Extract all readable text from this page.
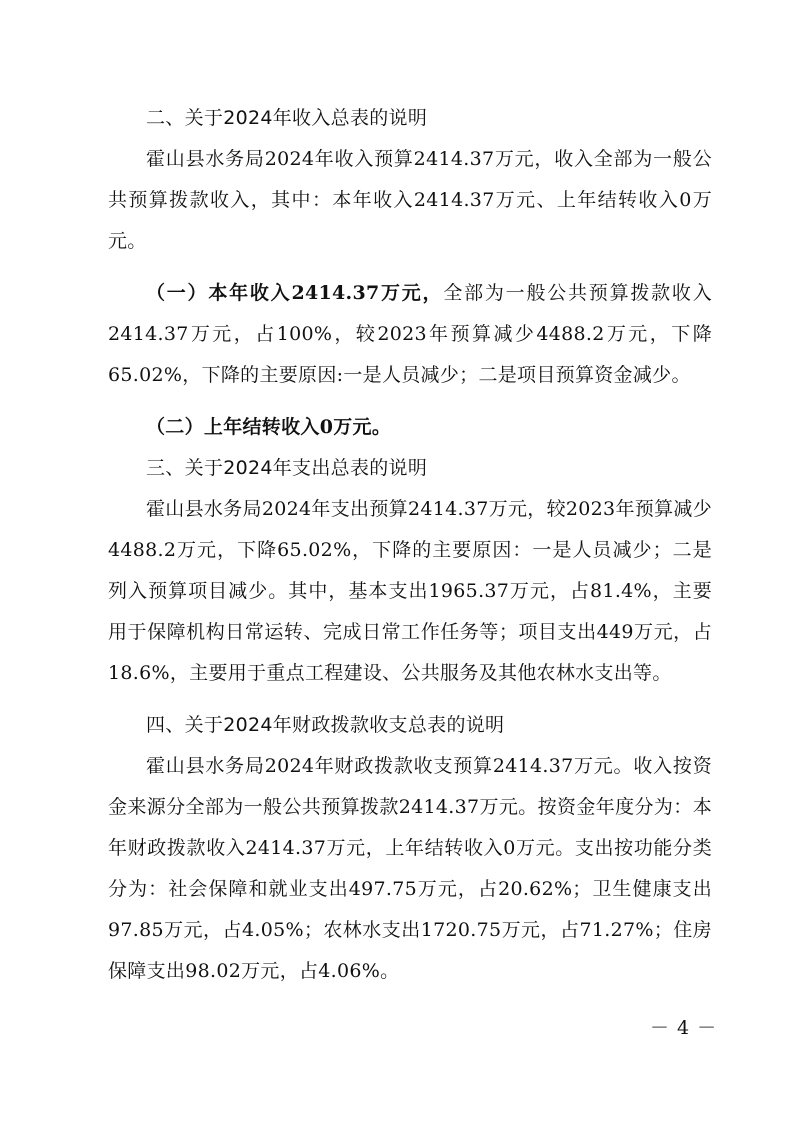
二、关于2024年收入总表的说明

霍山县水务局2024年收入预算2414.37万元，收入全部为一般公共预算拨款收入，其中：本年收入2414.37万元、上年结转收入0万元。

（一）本年收入2414.37万元，全部为一般公共预算拨款收入2414.37万元，占100%，较2023年预算减少4488.2万元，下降65.02%，下降的主要原因:一是人员减少；二是项目预算资金减少。

（二）上年结转收入0万元。

三、关于2024年支出总表的说明

霍山县水务局2024年支出预算2414.37万元，较2023年预算减少4488.2万元，下降65.02%，下降的主要原因：一是人员减少；二是列入预算项目减少。其中，基本支出1965.37万元，占81.4%，主要用于保障机构日常运转、完成日常工作任务等；项目支出449万元，占18.6%，主要用于重点工程建设、公共服务及其他农林水支出等。

四、关于2024年财政拨款收支总表的说明

霍山县水务局2024年财政拨款收支预算2414.37万元。收入按资金来源分全部为一般公共预算拨款2414.37万元。按资金年度分为：本年财政拨款收入2414.37万元，上年结转收入0万元。支出按功能分类分为：社会保障和就业支出497.75万元，占20.62%；卫生健康支出97.85万元，占4.05%；农林水支出1720.75万元，占71.27%；住房保障支出98.02万元，占4.06%。

－ 4 －
